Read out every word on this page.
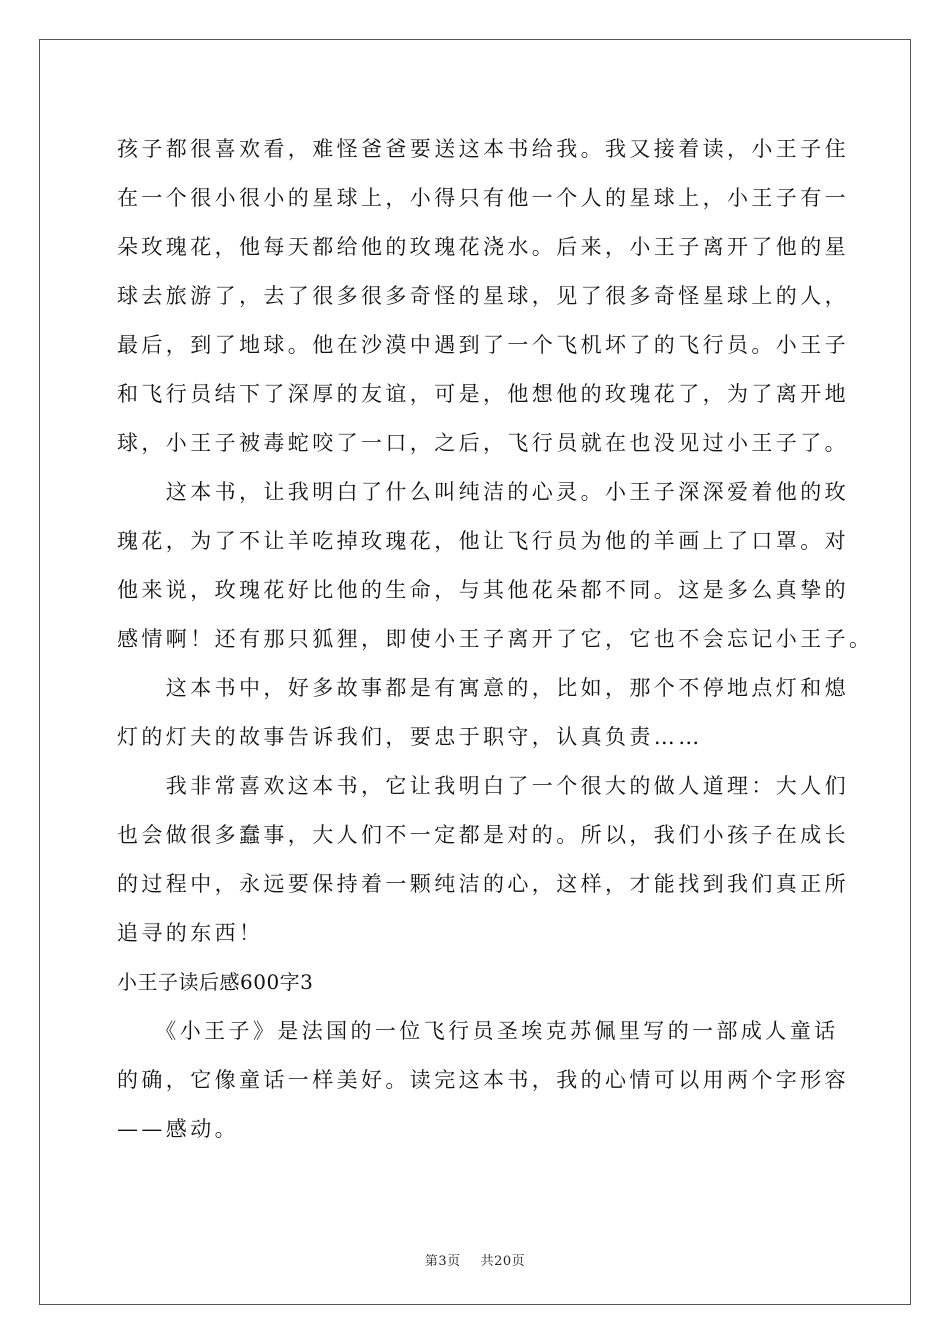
孩子都很喜欢看，难怪爸爸要送这本书给我。我又接着读，小王子住
在一个很小很小的星球上，小得只有他一个人的星球上，小王子有一
朵玫瑰花，他每天都给他的玫瑰花浇水。后来，小王子离开了他的星
球去旅游了，去了很多很多奇怪的星球，见了很多奇怪星球上的人，
最后，到了地球。他在沙漠中遇到了一个飞机坏了的飞行员。小王子
和飞行员结下了深厚的友谊，可是，他想他的玫瑰花了，为了离开地
球，小王子被毒蛇咬了一口，之后，飞行员就在也没见过小王子了。
　　这本书，让我明白了什么叫纯洁的心灵。小王子深深爱着他的玫
瑰花，为了不让羊吃掉玫瑰花，他让飞行员为他的羊画上了口罩。对
他来说，玫瑰花好比他的生命，与其他花朵都不同。这是多么真挚的
感情啊！还有那只狐狸，即使小王子离开了它，它也不会忘记小王子。
　　这本书中，好多故事都是有寓意的，比如，那个不停地点灯和熄
灯的灯夫的故事告诉我们，要忠于职守，认真负责……
　　我非常喜欢这本书，它让我明白了一个很大的做人道理：大人们
也会做很多蠢事，大人们不一定都是对的。所以，我们小孩子在成长
的过程中，永远要保持着一颗纯洁的心，这样，才能找到我们真正所
追寻的东西！
小王子读后感600字3
　　《小王子》是法国的一位飞行员圣埃克苏佩里写的一部成人童话
的确，它像童话一样美好。读完这本书，我的心情可以用两个字形容
——感动。
第3页 共20页
